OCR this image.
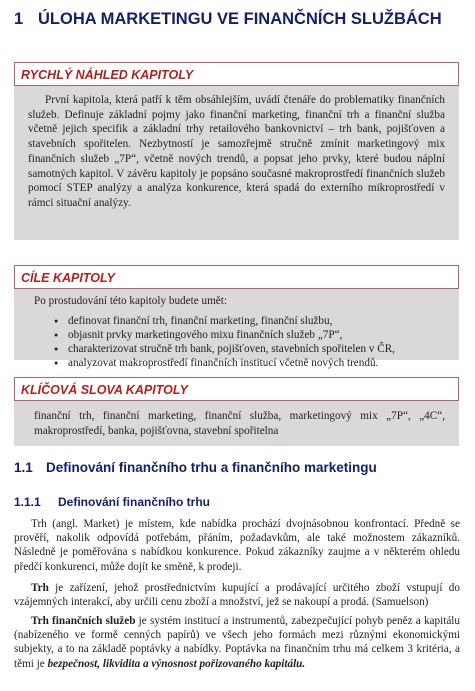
1 ÚLOHA MARKETINGU VE FINANČNÍCH SLUŽBÁCH
RYCHLÝ NÁHLED KAPITOLY

První kapitola, která patří k těm obsáhlejším, uvádí čtenáře do problematiky finančních služeb. Definuje základní pojmy jako finanční marketing, finanční trh a finanční služba včetně jejich specifik a základní trhy retailového bankovnictví – trh bank, pojišťoven a stavebních spořitelen. Nezbytností je samozřejmě stručně zmínit marketingový mix finančních služeb „7P“, včetně nových trendů, a popsat jeho prvky, které budou náplní samotných kapitol. V závěru kapitoly je popsáno současné makroprostředí finančních služeb pomocí STEP analýzy a analýza konkurence, která spadá do externího mikroprostředí v rámci situační analýzy.

CÍLE KAPITOLY

Po prostudování této kapitoly budete umět:

● definovat finanční trh, finanční marketing, finanční službu,
● objasnit prvky marketingového mixu finančních služeb „7P“,
● charakterizovat stručně trh bank, pojišťoven, stavebních spořitelen v ČR,
● analyzovat makroprostředí finančních institucí včetně nových trendů.
KLÍČOVÁ SLOVA KAPITOLY

finanční trh, finanční marketing, finanční služba, marketingový mix „7P“, „4C“, makroprostředí, banka, pojišťovna, stavební spořitelna

1.1 Definování finančního trhu a finančního marketingu
1.1.1 Definování finančního trhu

Trh (angl. Market) je místem, kde nabídka prochází dvojnásobnou konfrontací. Předně se prověří, nakolik odpovídá potřebám, přáním, požadavkům, ale také možnostem zákazníků. Následně je poměřována s nabídkou konkurence. Pokud zákazníky zaujme a v některém ohledu předčí konkurenci, může dojít ke směně, k prodeji.

Trh je zařízení, jehož prostřednictvím kupující a prodávající určitého zboží vstupují do vzájemných interakcí, aby určili cenu zboží a množství, jež se nakoupí a prodá. (Samuelson)

Trh finančních služeb je systém institucí a instrumentů, zabezpečující pohyb peněz a kapitálu (nabízeného ve formě cenných papírů) ve všech jeho formách mezi různými ekonomickými subjekty, a to na základě poptávky a nabídky. Poptávka na finančním trhu má celkem 3 kritéria, a těmi je bezpečnost, likvidita a výnosnost pořizovaného kapitálu.
